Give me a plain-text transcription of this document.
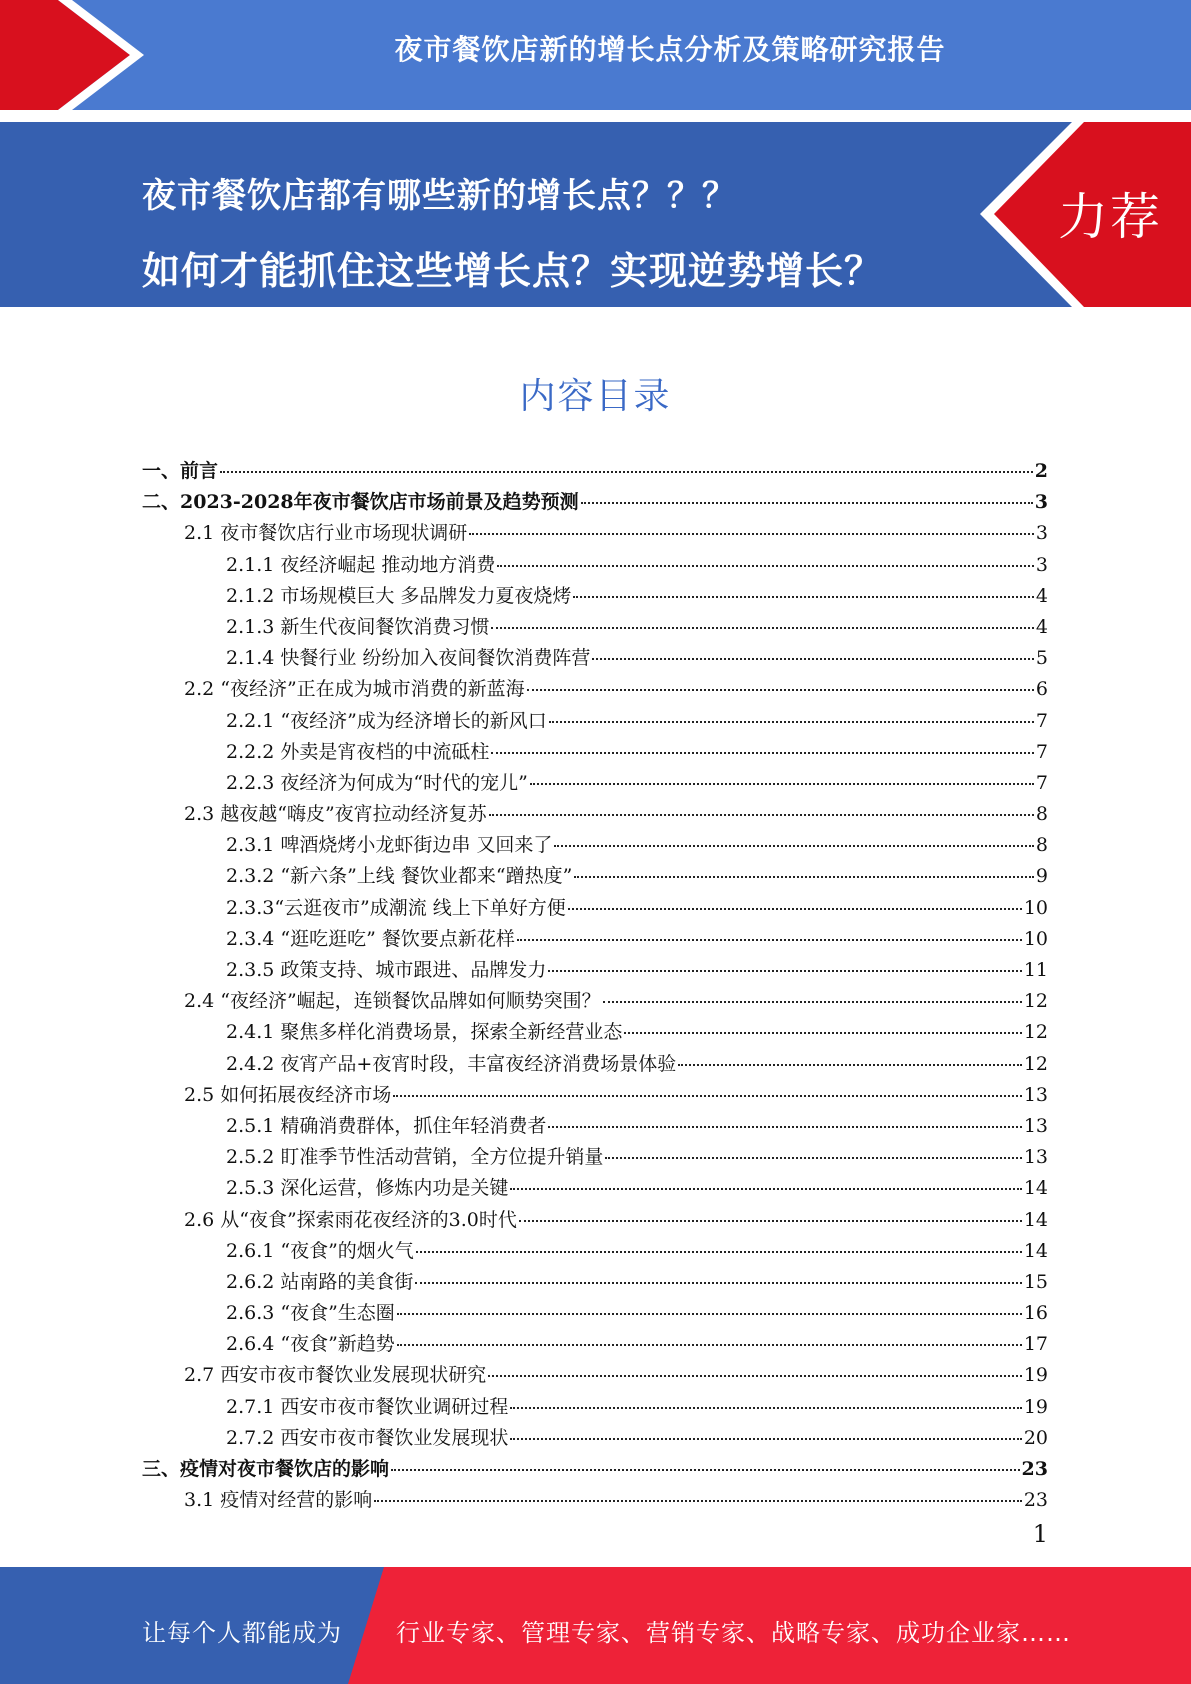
夜市餐饮店新的增长点分析及策略研究报告
夜市餐饮店都有哪些新的增长点？？？
如何才能抓住这些增长点？实现逆势增长？
力荐
内容目录
一、前言	2
二、2023-2028年夜市餐饮店市场前景及趋势预测	3
2.1 夜市餐饮店行业市场现状调研	3
2.1.1 夜经济崛起 推动地方消费	3
2.1.2 市场规模巨大 多品牌发力夏夜烧烤	4
2.1.3 新生代夜间餐饮消费习惯	4
2.1.4 快餐行业 纷纷加入夜间餐饮消费阵营	5
2.2 “夜经济”正在成为城市消费的新蓝海	6
2.2.1 “夜经济”成为经济增长的新风口	7
2.2.2 外卖是宵夜档的中流砥柱	7
2.2.3 夜经济为何成为“时代的宠儿”	7
2.3 越夜越“嗨皮”夜宵拉动经济复苏	8
2.3.1 啤酒烧烤小龙虾街边串 又回来了	8
2.3.2 “新六条”上线 餐饮业都来“蹭热度”	9
2.3.3“云逛夜市”成潮流 线上下单好方便	10
2.3.4 “逛吃逛吃” 餐饮要点新花样	10
2.3.5 政策支持、城市跟进、品牌发力	11
2.4 “夜经济”崛起，连锁餐饮品牌如何顺势突围？	12
2.4.1 聚焦多样化消费场景，探索全新经营业态	12
2.4.2 夜宵产品+夜宵时段，丰富夜经济消费场景体验	12
2.5 如何拓展夜经济市场	13
2.5.1 精确消费群体，抓住年轻消费者	13
2.5.2 盯准季节性活动营销，全方位提升销量	13
2.5.3 深化运营，修炼内功是关键	14
2.6 从“夜食”探索雨花夜经济的3.0时代	14
2.6.1 “夜食”的烟火气	14
2.6.2 站南路的美食街	15
2.6.3 “夜食”生态圈	16
2.6.4 “夜食”新趋势	17
2.7 西安市夜市餐饮业发展现状研究	19
2.7.1 西安市夜市餐饮业调研过程	19
2.7.2 西安市夜市餐饮业发展现状	20
三、疫情对夜市餐饮店的影响	23
3.1 疫情对经营的影响	23
1
让每个人都能成为 行业专家、管理专家、营销专家、战略专家、成功企业家……
